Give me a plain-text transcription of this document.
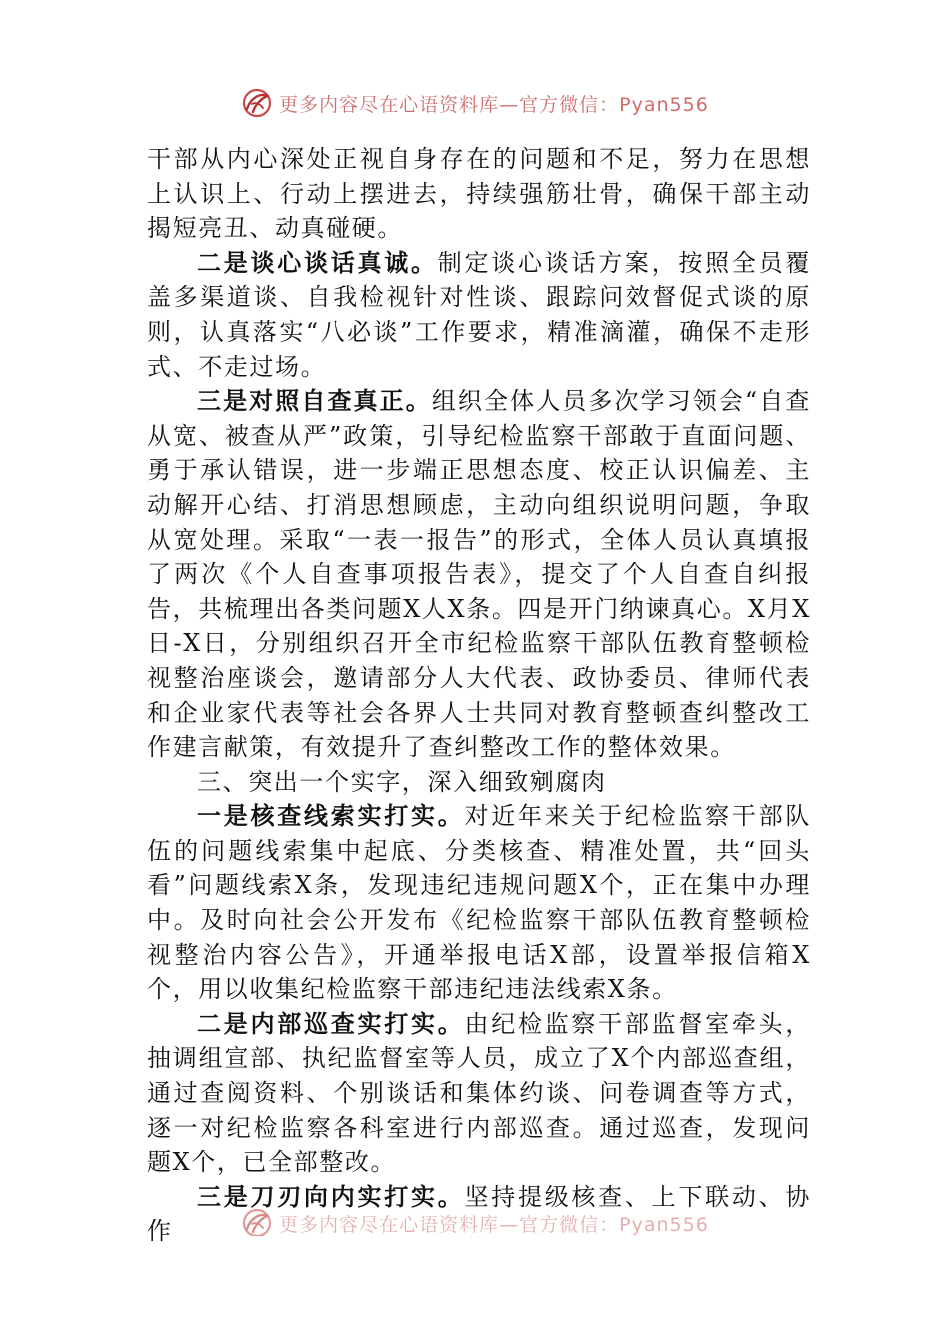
更多内容尽在心语资料库—官方微信：Pyan556

干部从内心深处正视自身存在的问题和不足，努力在思想上认识上、行动上摆进去，持续强筋壮骨，确保干部主动揭短亮丑、动真碰硬。

二是谈心谈话真诚。制定谈心谈话方案，按照全员覆盖多渠道谈、自我检视针对性谈、跟踪问效督促式谈的原则，认真落实“八必谈”工作要求，精准滴灌，确保不走形式、不走过场。

三是对照自查真正。组织全体人员多次学习领会“自查从宽、被查从严”政策，引导纪检监察干部敢于直面问题、勇于承认错误，进一步端正思想态度、校正认识偏差、主动解开心结、打消思想顾虑，主动向组织说明问题，争取从宽处理。采取“一表一报告”的形式，全体人员认真填报了两次《个人自查事项报告表》，提交了个人自查自纠报告，共梳理出各类问题X人X条。四是开门纳谏真心。X月X日-X日，分别组织召开全市纪检监察干部队伍教育整顿检视整治座谈会，邀请部分人大代表、政协委员、律师代表和企业家代表等社会各界人士共同对教育整顿查纠整改工作建言献策，有效提升了查纠整改工作的整体效果。

三、突出一个实字，深入细致剜腐肉

一是核查线索实打实。对近年来关于纪检监察干部队伍的问题线索集中起底、分类核查、精准处置，共“回头看”问题线索X条，发现违纪违规问题X个，正在集中办理中。及时向社会公开发布《纪检监察干部队伍教育整顿检视整治内容公告》，开通举报电话X部，设置举报信箱X个，用以收集纪检监察干部违纪违法线索X条。

二是内部巡查实打实。由纪检监察干部监督室牵头，抽调组宣部、执纪监督室等人员，成立了X个内部巡查组，通过查阅资料、个别谈话和集体约谈、问卷调查等方式，逐一对纪检监察各科室进行内部巡查。通过巡查，发现问题X个，已全部整改。

三是刀刃向内实打实。坚持提级核查、上下联动、协作	更多内容尽在心语资料库—官方微信：Pyan556
